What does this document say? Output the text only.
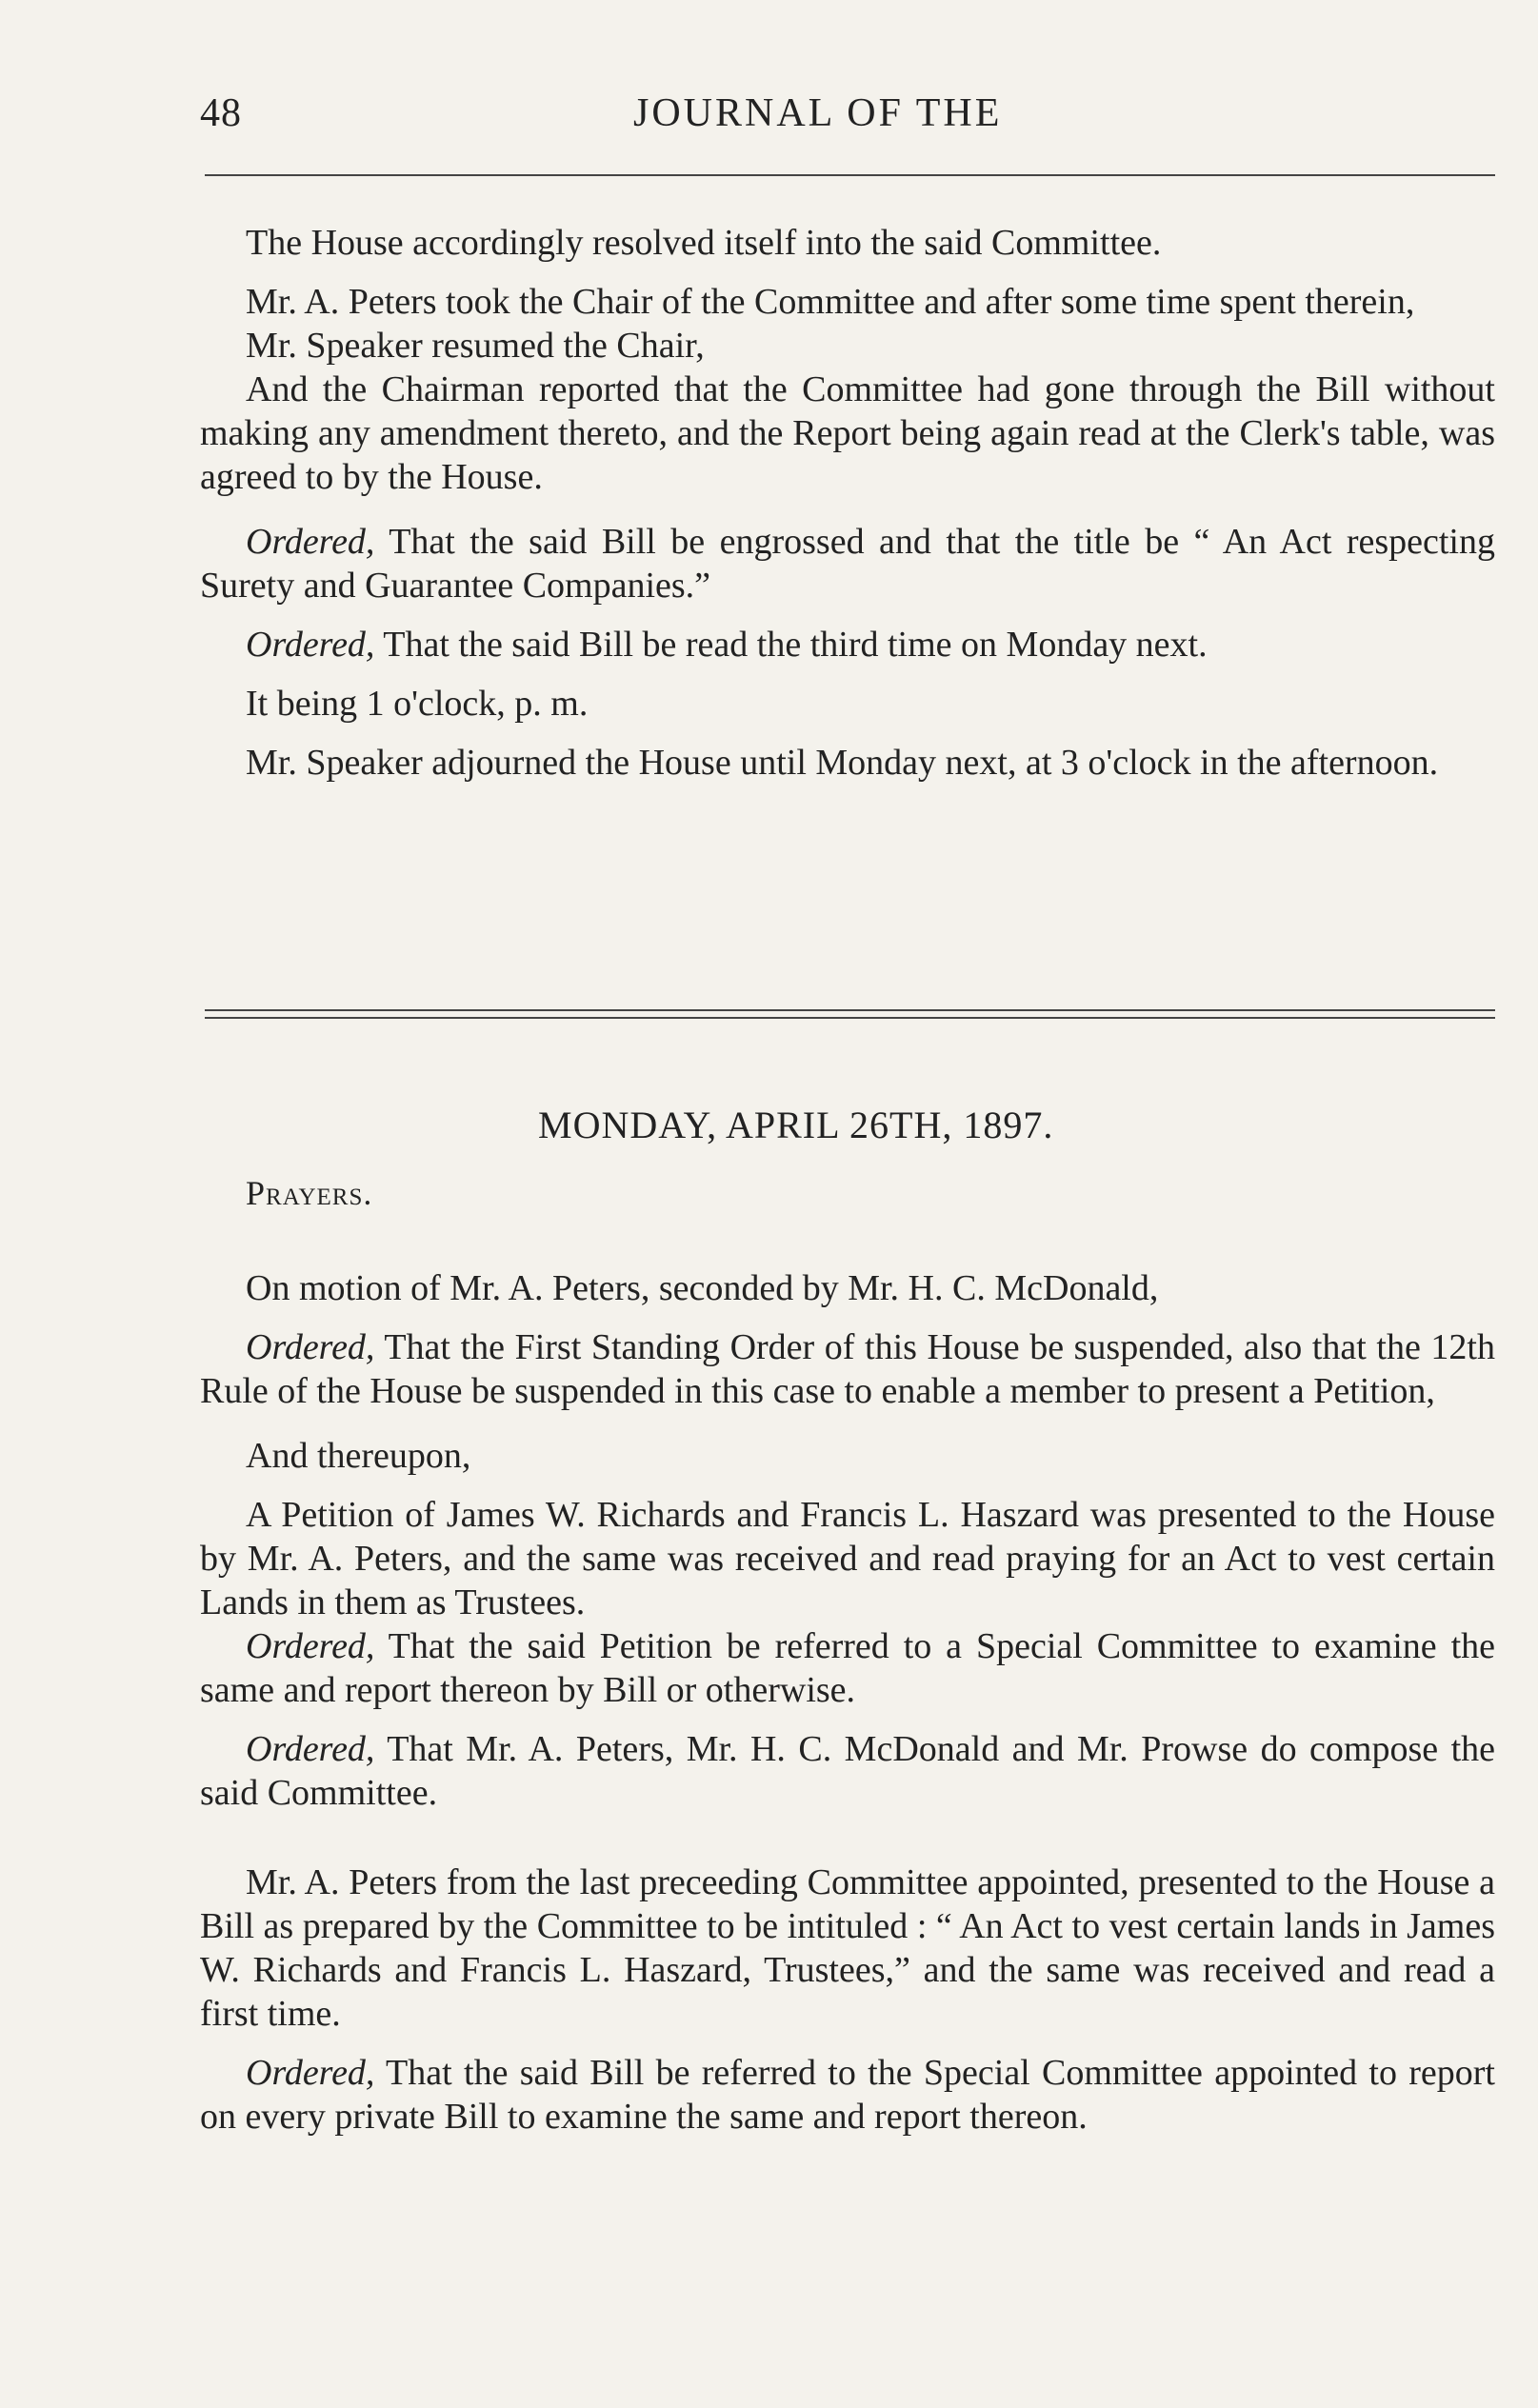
48	JOURNAL OF THE

The House accordingly resolved itself into the said Committee.

Mr. A. Peters took the Chair of the Committee and after some time spent therein,

Mr. Speaker resumed the Chair,

And the Chairman reported that the Committee had gone through the Bill without making any amendment thereto, and the Report being again read at the Clerk's table, was agreed to by the House.

Ordered, That the said Bill be engrossed and that the title be “ An Act respecting Surety and Guarantee Companies.”

Ordered, That the said Bill be read the third time on Monday next.

It being 1 o'clock, p. m.

Mr. Speaker adjourned the House until Monday next, at 3 o'clock in the afternoon.

MONDAY, APRIL 26TH, 1897.
Prayers.

On motion of Mr. A. Peters, seconded by Mr. H. C. McDonald,

Ordered, That the First Standing Order of this House be suspended, also that the 12th Rule of the House be suspended in this case to enable a member to present a Petition,

And thereupon,

A Petition of James W. Richards and Francis L. Haszard was presented to the House by Mr. A. Peters, and the same was received and read praying for an Act to vest certain Lands in them as Trustees.

Ordered, That the said Petition be referred to a Special Committee to examine the same and report thereon by Bill or otherwise.

Ordered, That Mr. A. Peters, Mr. H. C. McDonald and Mr. Prowse do compose the said Committee.

Mr. A. Peters from the last preceeding Committee appointed, presented to the House a Bill as prepared by the Committee to be intituled : “ An Act to vest certain lands in James W. Richards and Francis L. Haszard, Trustees,” and the same was received and read a first time.

Ordered, That the said Bill be referred to the Special Committee appointed to report on every private Bill to examine the same and report thereon.
